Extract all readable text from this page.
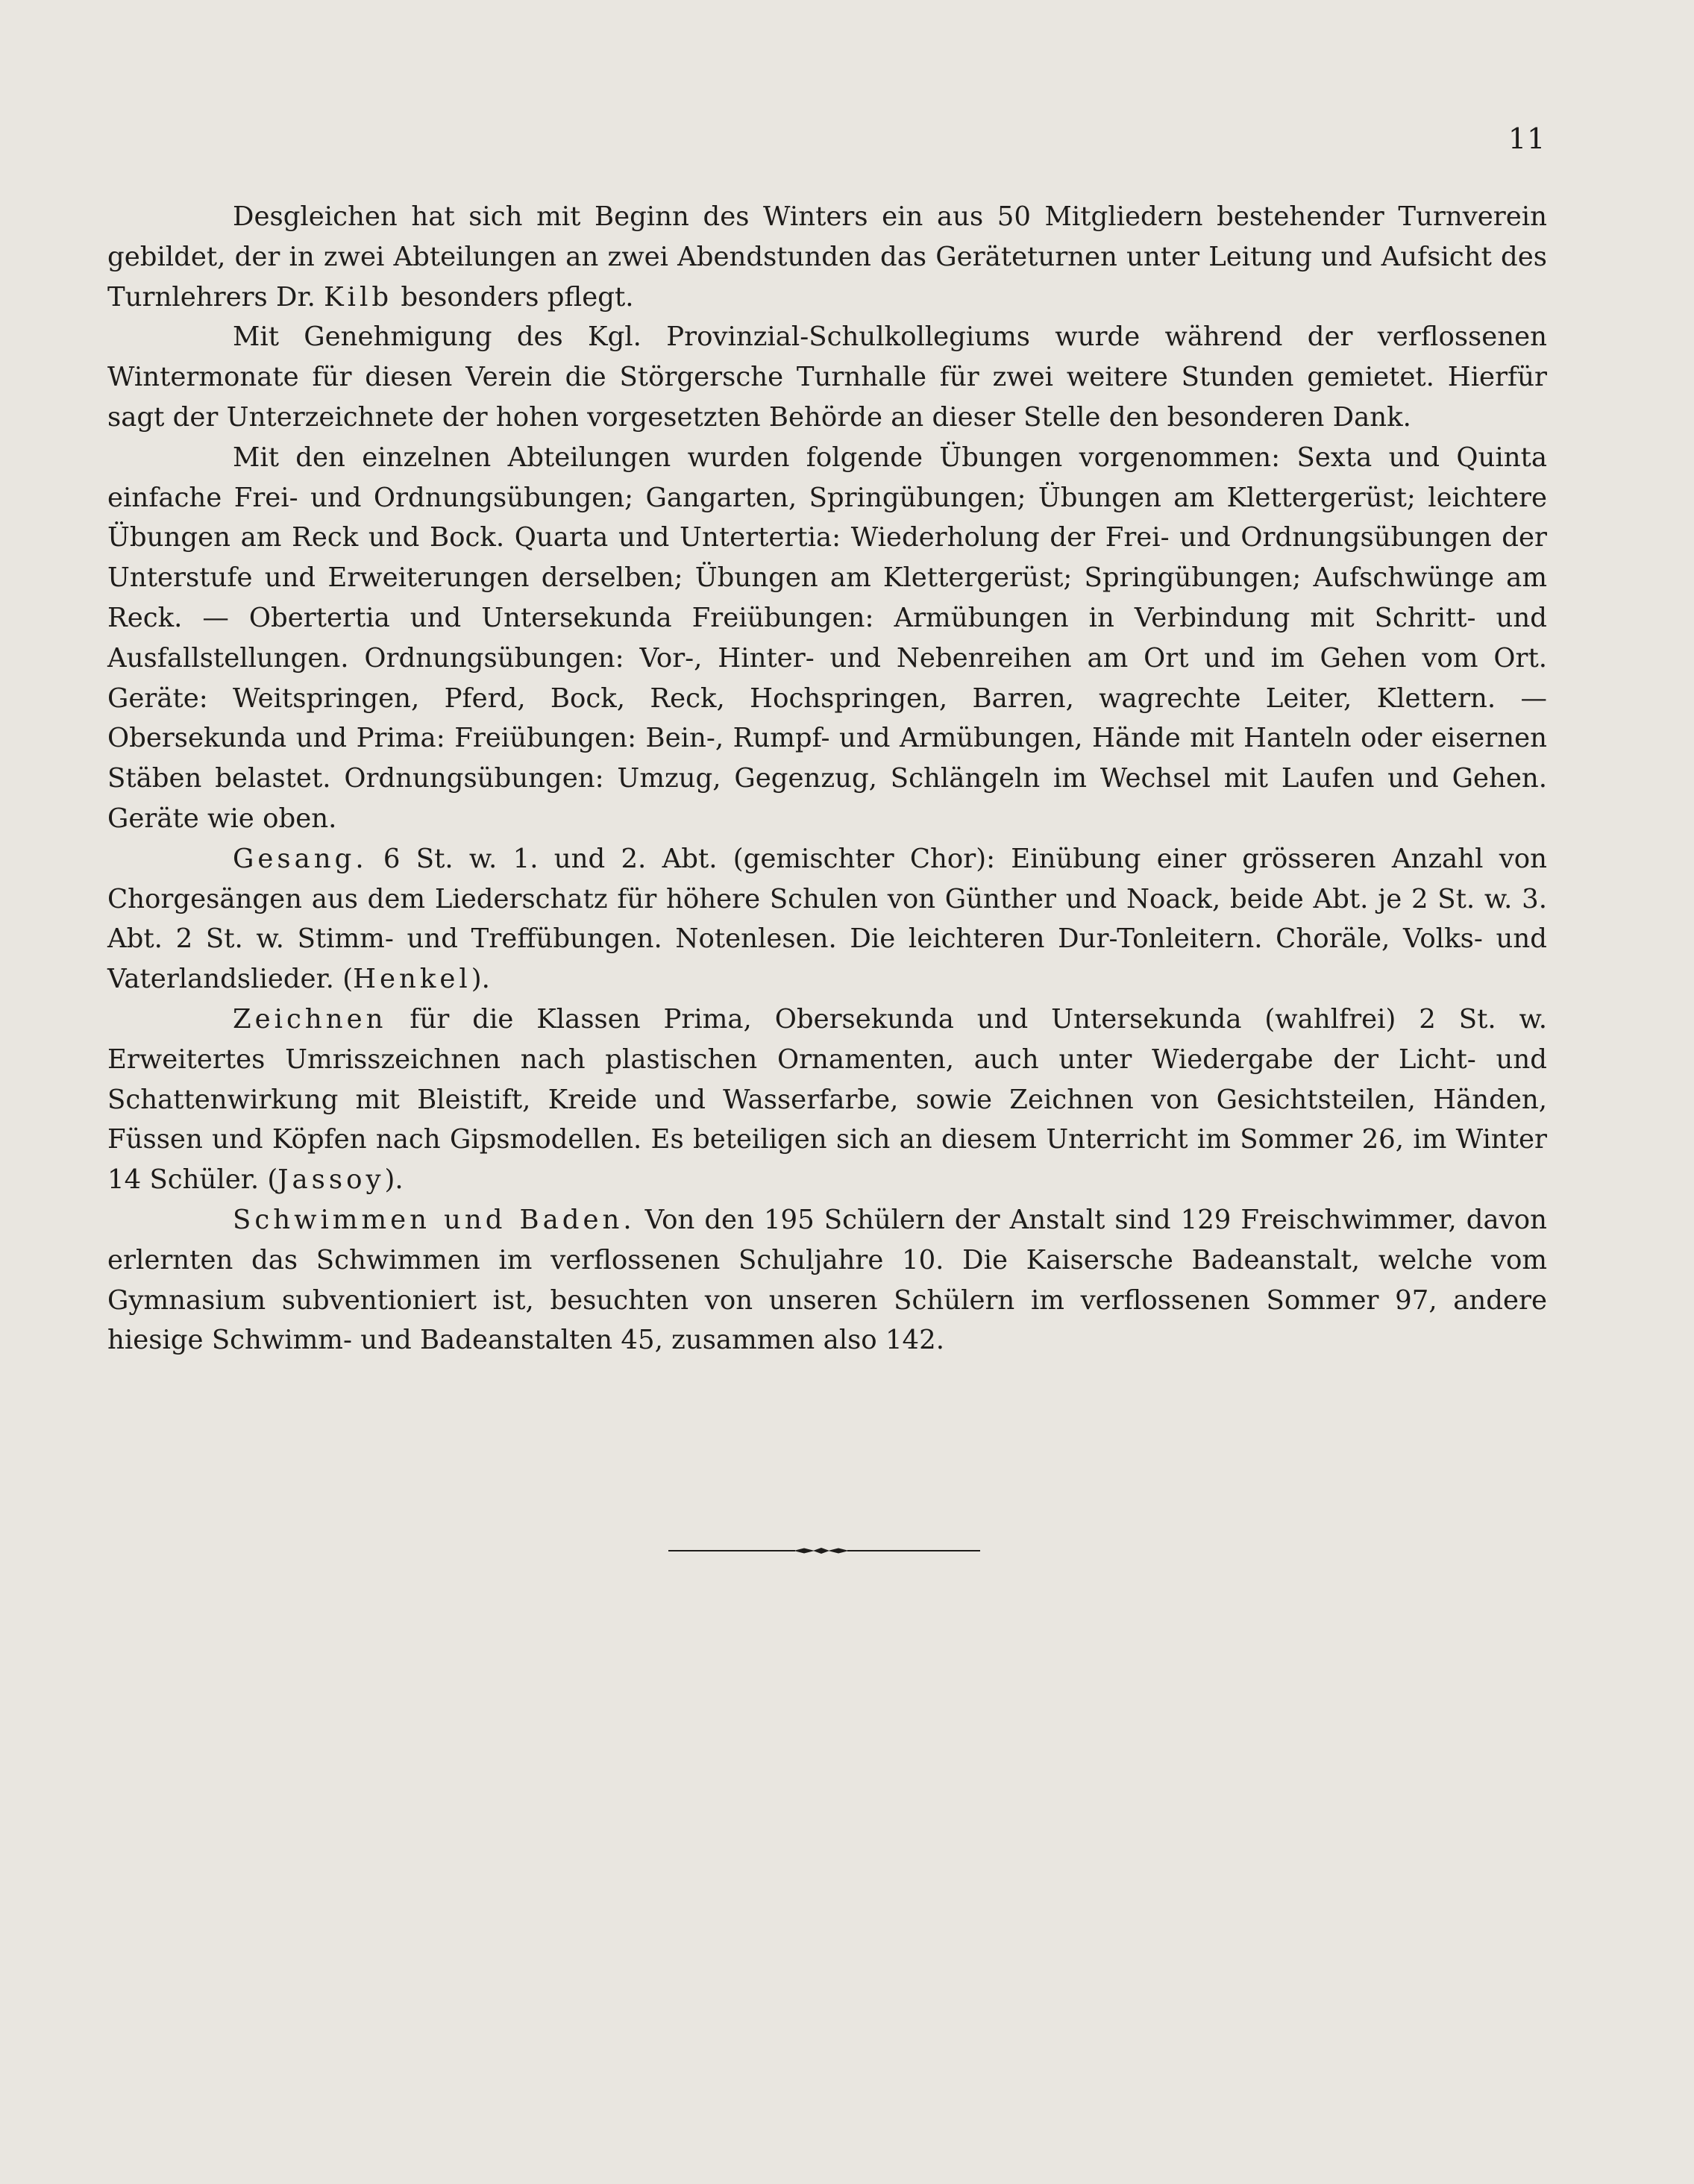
11

Desgleichen hat sich mit Beginn des Winters ein aus 50 Mitgliedern bestehender Turnverein gebildet, der in zwei Abteilungen an zwei Abendstunden das Geräteturnen unter Leitung und Aufsicht des Turnlehrers Dr. Kilb besonders pflegt.

Mit Genehmigung des Kgl. Provinzial-Schulkollegiums wurde während der verflossenen Wintermonate für diesen Verein die Störgersche Turnhalle für zwei weitere Stunden gemietet. Hierfür sagt der Unterzeichnete der hohen vorgesetzten Behörde an dieser Stelle den besonderen Dank.

Mit den einzelnen Abteilungen wurden folgende Übungen vorgenommen: Sexta und Quinta einfache Frei- und Ordnungsübungen; Gangarten, Springübungen; Übungen am Klettergerüst; leichtere Übungen am Reck und Bock. Quarta und Untertertia: Wiederholung der Frei- und Ordnungsübungen der Unterstufe und Erweiterungen derselben; Übungen am Klettergerüst; Springübungen; Aufschwünge am Reck. — Obertertia und Untersekunda Freiübungen: Armübungen in Verbindung mit Schritt- und Ausfallstellungen. Ordnungsübungen: Vor-, Hinter- und Nebenreihen am Ort und im Gehen vom Ort. Geräte: Weitspringen, Pferd, Bock, Reck, Hochspringen, Barren, wagrechte Leiter, Klettern. — Obersekunda und Prima: Freiübungen: Bein-, Rumpf- und Armübungen, Hände mit Hanteln oder eisernen Stäben belastet. Ordnungsübungen: Umzug, Gegenzug, Schlängeln im Wechsel mit Laufen und Gehen. Geräte wie oben.

Gesang. 6 St. w. 1. und 2. Abt. (gemischter Chor): Einübung einer grösseren Anzahl von Chorgesängen aus dem Liederschatz für höhere Schulen von Günther und Noack, beide Abt. je 2 St. w. 3. Abt. 2 St. w. Stimm- und Treffübungen. Notenlesen. Die leichteren Dur-Tonleitern. Choräle, Volks- und Vaterlandslieder. (Henkel).

Zeichnen für die Klassen Prima, Obersekunda und Untersekunda (wahlfrei) 2 St. w. Erweitertes Umrisszeichnen nach plastischen Ornamenten, auch unter Wiedergabe der Licht- und Schattenwirkung mit Bleistift, Kreide und Wasserfarbe, sowie Zeichnen von Gesichtsteilen, Händen, Füssen und Köpfen nach Gipsmodellen. Es beteiligen sich an diesem Unterricht im Sommer 26, im Winter 14 Schüler. (Jassoy).

Schwimmen und Baden. Von den 195 Schülern der Anstalt sind 129 Freischwimmer, davon erlernten das Schwimmen im verflossenen Schuljahre 10. Die Kaisersche Badeanstalt, welche vom Gymnasium subventioniert ist, besuchten von unseren Schülern im verflossenen Sommer 97, andere hiesige Schwimm- und Badeanstalten 45, zusammen also 142.
